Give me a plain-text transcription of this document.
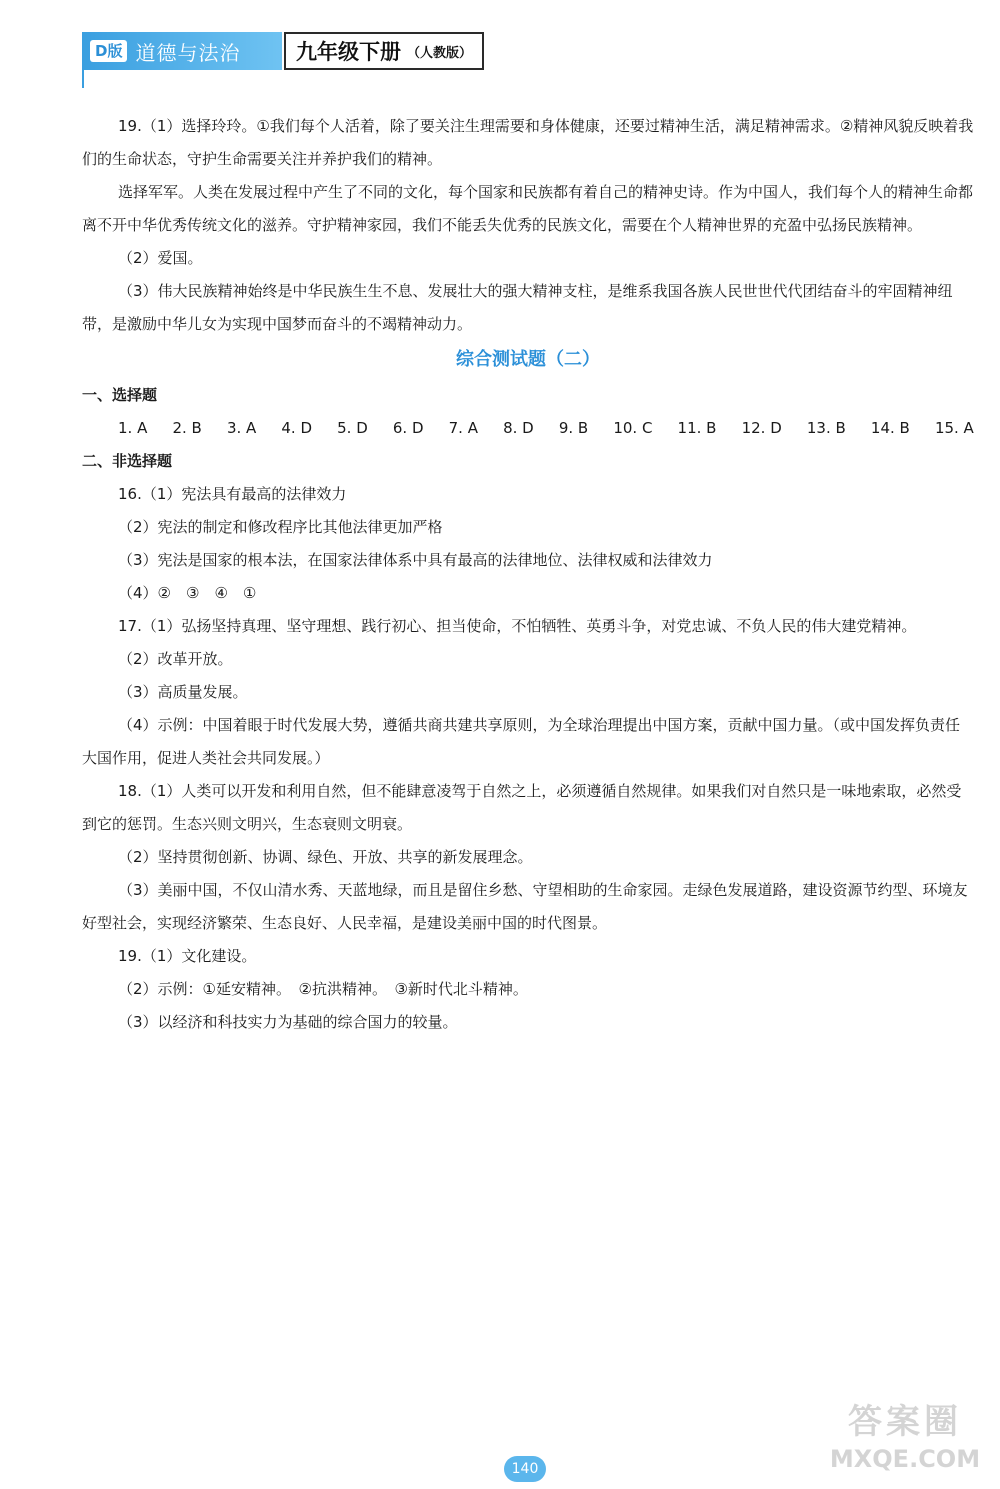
D版 道德与法治	九年级下册 （人教版）

19.（1）选择玲玲。①我们每个人活着，除了要关注生理需要和身体健康，还要过精神生活，满足精神需求。②精神风貌反映着我们的生命状态，守护生命需要关注并养护我们的精神。

选择军军。人类在发展过程中产生了不同的文化，每个国家和民族都有着自己的精神史诗。作为中国人，我们每个人的精神生命都离不开中华优秀传统文化的滋养。守护精神家园，我们不能丢失优秀的民族文化，需要在个人精神世界的充盈中弘扬民族精神。

（2）爱国。

（3）伟大民族精神始终是中华民族生生不息、发展壮大的强大精神支柱，是维系我国各族人民世世代代团结奋斗的牢固精神纽带，是激励中华儿女为实现中国梦而奋斗的不竭精神动力。

综合测试题（二）

一、选择题

1. A 2. B 3. A 4. D 5. D 6. D 7. A 8. D 9. B 10. C 11. B 12. D 13. B 14. B 15. A

二、非选择题

16.（1）宪法具有最高的法律效力

（2）宪法的制定和修改程序比其他法律更加严格

（3）宪法是国家的根本法，在国家法律体系中具有最高的法律地位、法律权威和法律效力

（4）②　③　④　①

17.（1）弘扬坚持真理、坚守理想、践行初心、担当使命，不怕牺牲、英勇斗争，对党忠诚、不负人民的伟大建党精神。

（2）改革开放。

（3）高质量发展。

（4）示例：中国着眼于时代发展大势，遵循共商共建共享原则，为全球治理提出中国方案，贡献中国力量。（或中国发挥负责任大国作用，促进人类社会共同发展。）

18.（1）人类可以开发和利用自然，但不能肆意凌驾于自然之上，必须遵循自然规律。如果我们对自然只是一味地索取，必然受到它的惩罚。生态兴则文明兴，生态衰则文明衰。

（2）坚持贯彻创新、协调、绿色、开放、共享的新发展理念。

（3）美丽中国，不仅山清水秀、天蓝地绿，而且是留住乡愁、守望相助的生命家园。走绿色发展道路，建设资源节约型、环境友好型社会，实现经济繁荣、生态良好、人民幸福，是建设美丽中国的时代图景。

19.（1）文化建设。

（2）示例：①延安精神。　②抗洪精神。　③新时代北斗精神。

（3）以经济和科技实力为基础的综合国力的较量。

答案圈
MXQE.COM
140
